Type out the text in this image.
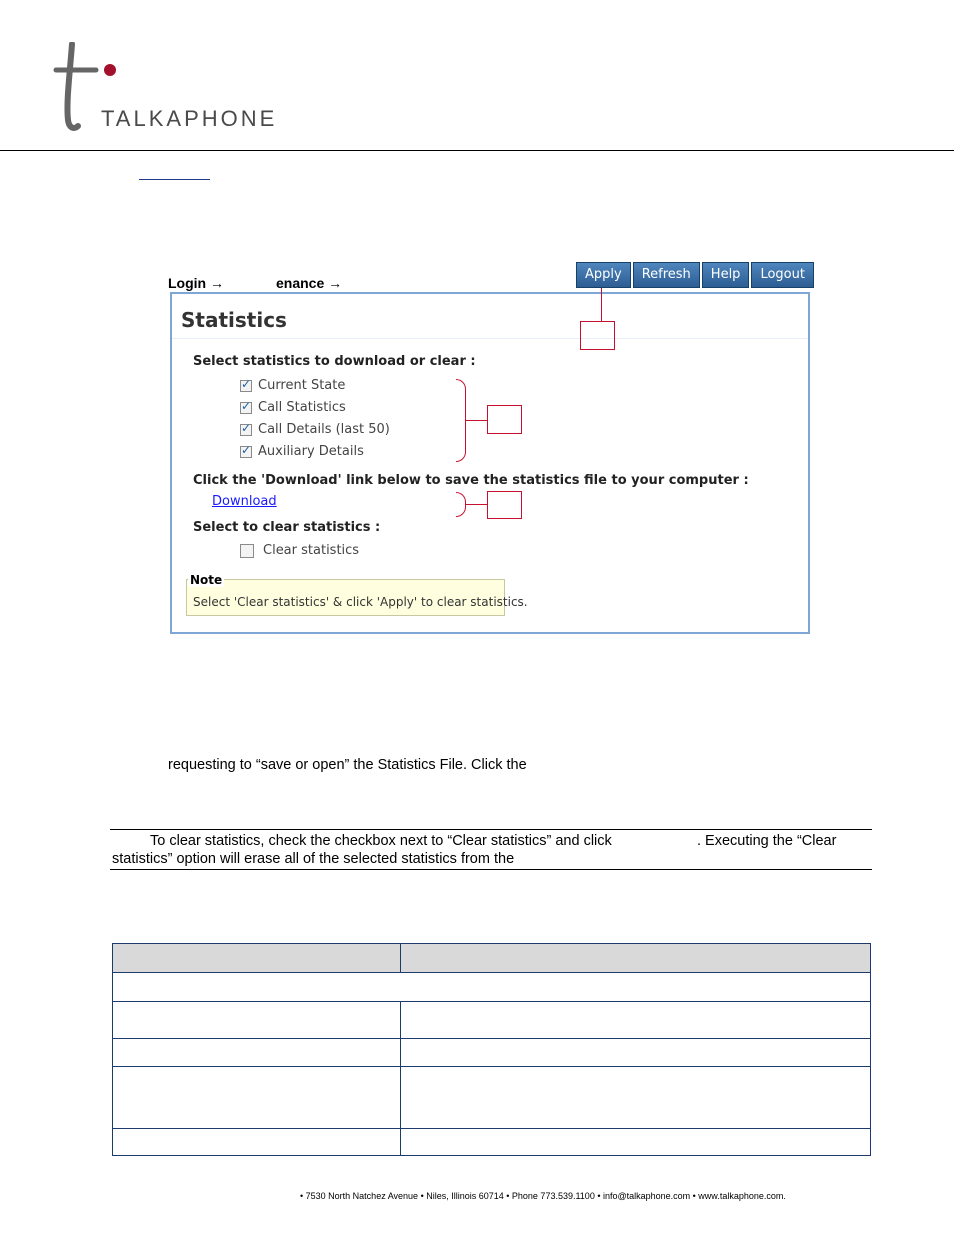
TALKAPHONE
Login →	enance →
Apply	Refresh	Help	Logout
Statistics
Select statistics to download or clear :
✓
Current State
✓
Call Statistics
✓
Call Details (last 50)
✓
Auxiliary Details
Click the 'Download' link below to save the statistics file to your computer :
Download
Select to clear statistics :
Clear statistics
Select 'Clear statistics' & click 'Apply' to clear statistics.
Note
requesting to “save or open” the Statistics File. Click the
To clear statistics, check the checkbox next to “Clear statistics” and click	. Executing the “Clear
statistics” option will erase all of the selected statistics from the

• 7530 North Natchez Avenue • Niles, Illinois 60714 • Phone 773.539.1100 • info@talkaphone.com • www.talkaphone.com.
